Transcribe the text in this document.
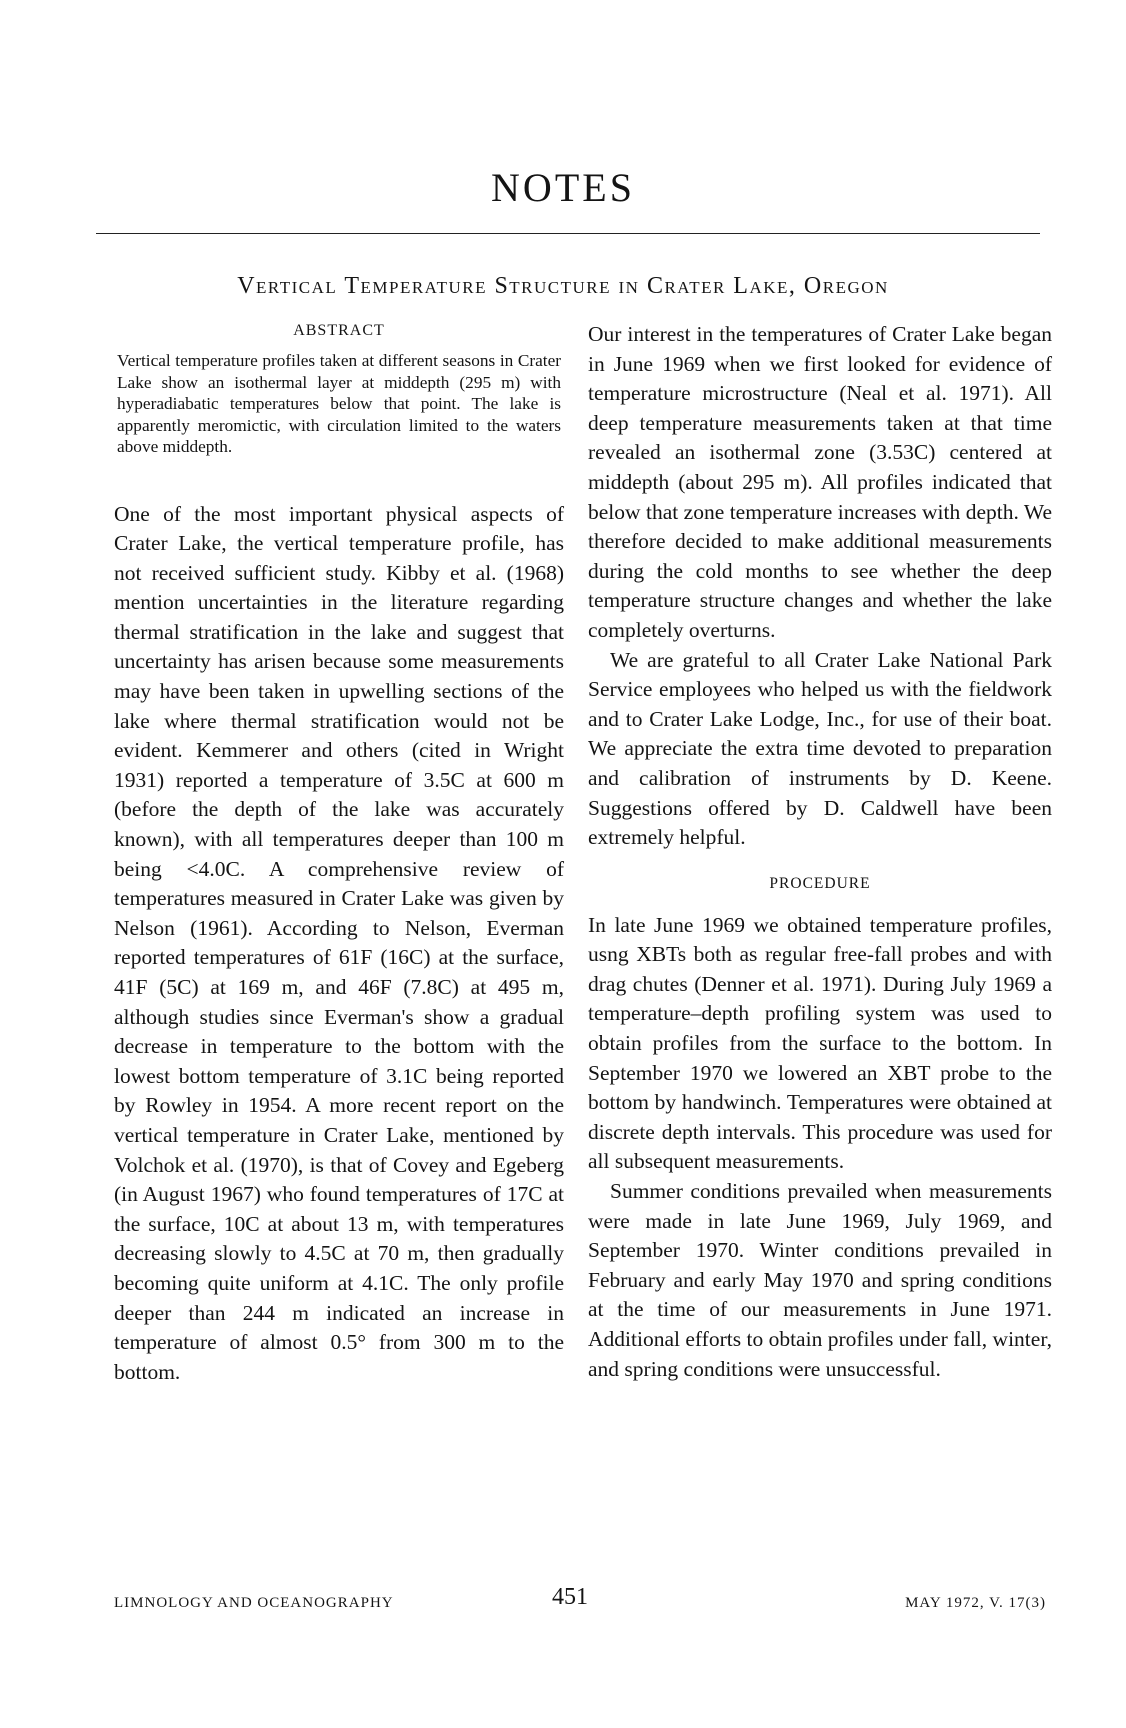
NOTES
Vertical Temperature Structure in Crater Lake, Oregon
ABSTRACT

Vertical temperature profiles taken at different seasons in Crater Lake show an isothermal layer at middepth (295 m) with hyperadiabatic temperatures below that point. The lake is apparently meromictic, with circulation limited to the waters above middepth.

One of the most important physical aspects of Crater Lake, the vertical temperature profile, has not received sufficient study. Kibby et al. (1968) mention uncertainties in the literature regarding thermal stratification in the lake and suggest that uncertainty has arisen because some measurements may have been taken in upwelling sections of the lake where thermal stratification would not be evident. Kemmerer and others (cited in Wright 1931) reported a temperature of 3.5C at 600 m (before the depth of the lake was accurately known), with all temperatures deeper than 100 m being <4.0C. A comprehensive review of temperatures measured in Crater Lake was given by Nelson (1961). According to Nelson, Everman reported temperatures of 61F (16C) at the surface, 41F (5C) at 169 m, and 46F (7.8C) at 495 m, although studies since Everman's show a gradual decrease in temperature to the bottom with the lowest bottom temperature of 3.1C being reported by Rowley in 1954. A more recent report on the vertical temperature in Crater Lake, mentioned by Volchok et al. (1970), is that of Covey and Egeberg (in August 1967) who found temperatures of 17C at the surface, 10C at about 13 m, with temperatures decreasing slowly to 4.5C at 70 m, then gradually becoming quite uniform at 4.1C. The only profile deeper than 244 m indicated an increase in temperature of almost 0.5° from 300 m to the bottom.

Our interest in the temperatures of Crater Lake began in June 1969 when we first looked for evidence of temperature microstructure (Neal et al. 1971). All deep temperature measurements taken at that time revealed an isothermal zone (3.53C) centered at middepth (about 295 m). All profiles indicated that below that zone temperature increases with depth. We therefore decided to make additional measurements during the cold months to see whether the deep temperature structure changes and whether the lake completely overturns.

We are grateful to all Crater Lake National Park Service employees who helped us with the fieldwork and to Crater Lake Lodge, Inc., for use of their boat. We appreciate the extra time devoted to preparation and calibration of instruments by D. Keene. Suggestions offered by D. Caldwell have been extremely helpful.

PROCEDURE

In late June 1969 we obtained temperature profiles, usng XBTs both as regular free-fall probes and with drag chutes (Denner et al. 1971). During July 1969 a temperature–depth profiling system was used to obtain profiles from the surface to the bottom. In September 1970 we lowered an XBT probe to the bottom by handwinch. Temperatures were obtained at discrete depth intervals. This procedure was used for all subsequent measurements.

Summer conditions prevailed when measurements were made in late June 1969, July 1969, and September 1970. Winter conditions prevailed in February and early May 1970 and spring conditions at the time of our measurements in June 1971. Additional efforts to obtain profiles under fall, winter, and spring conditions were unsuccessful.

LIMNOLOGY AND OCEANOGRAPHY	451	MAY 1972, V. 17(3)
